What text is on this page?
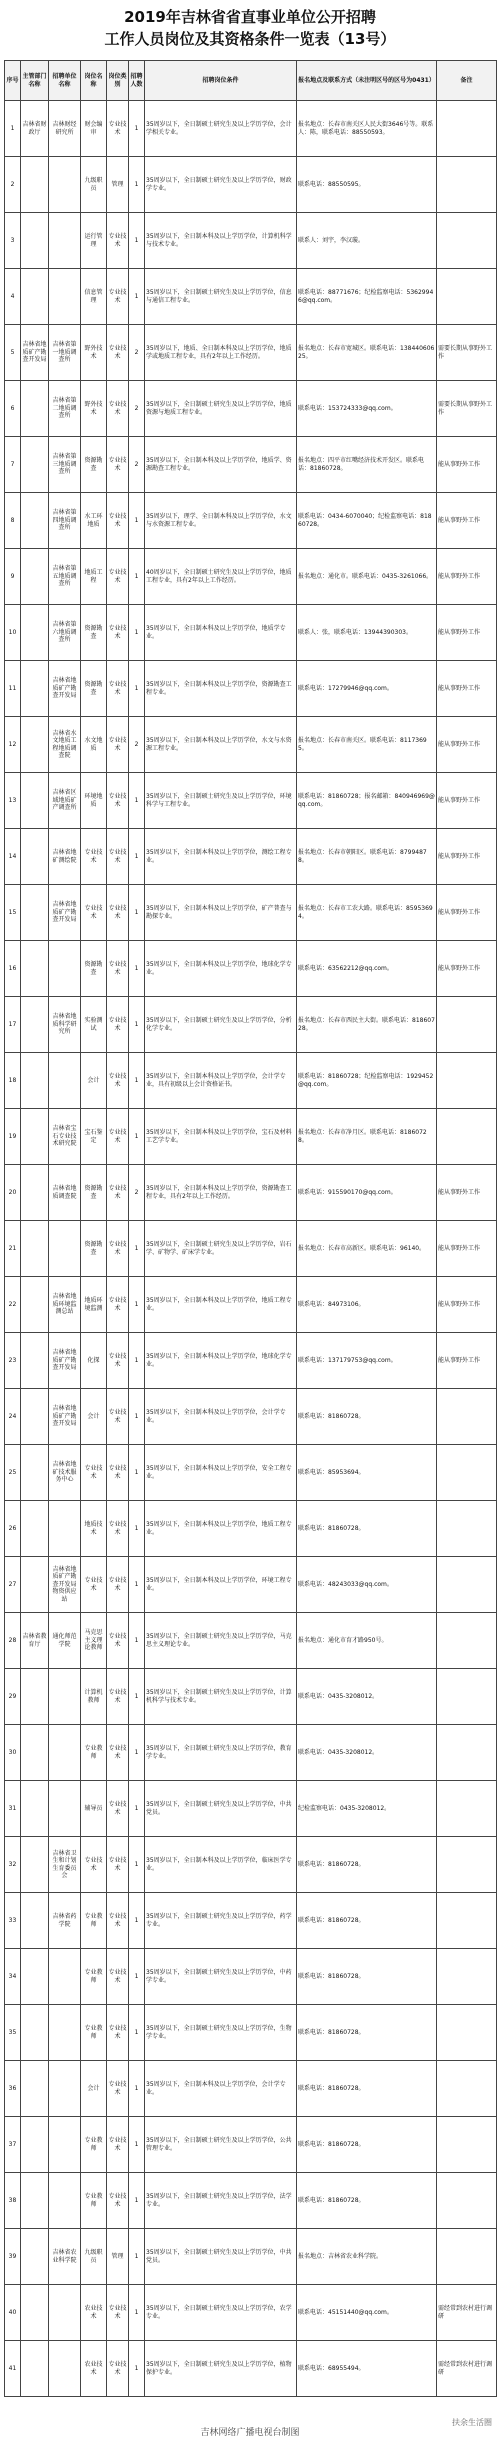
2019年吉林省省直事业单位公开招聘
工作人员岗位及其资格条件一览表（13号）
序号	主管部门名称	招聘单位名称	岗位名称	岗位类别	招聘人数	招聘岗位条件	报名地点及联系方式（未注明区号的区号为0431）	备注
1	吉林省财政厅	吉林财经研究所	财会编审	专业技术	1	35周岁以下，全日制硕士研究生及以上学历学位，会计学相关专业。	报名地点：长春市南关区人民大街3646号等。联系人：陈，联系电话：88550593。	
2			九级职员	管理	1	35周岁以下，全日制硕士研究生及以上学历学位，财政学专业。	联系电话：88550595。	
3			运行管理	专业技术	1	35周岁以下，全日制本科及以上学历学位，计算机科学与技术专业。	联系人：刘宇，李汉璇。	
4			信息管理	专业技术	1	35周岁以下，全日制硕士研究生及以上学历学位，信息与通信工程专业。	联系电话：88771676；纪检监察电话：53629946@qq.com。	
5	吉林省地质矿产勘查开发局	吉林省第一地质调查所	野外技术	专业技术	2	35周岁以下，地质、全日制本科及以上学历学位，地质学或地质工程专业，具有2年以上工作经历。	报名地点：长春市宽城区。联系电话：13844060625。	需要长期从事野外工作
6		吉林省第二地质调查所	野外技术	专业技术	2	35周岁以下，全日制硕士研究生及以上学历学位，地质资源与地质工程专业。	联系电话：153724333@qq.com。	需要长期从事野外工作
7		吉林省第三地质调查所	资源勘查	专业技术	2	35周岁以下，全日制本科及以上学历学位，地质学、资源勘查工程专业。	报名地点：四平市红嘴经济技术开发区。联系电话：81860728。	能从事野外工作
8		吉林省第四地质调查所	水工环地质	专业技术	1	35周岁以下，理学、全日制本科及以上学历学位，水文与水资源工程专业。	联系电话：0434-6070040；纪检监察电话：81860728。	能从事野外工作
9		吉林省第五地质调查所	地质工程	专业技术	1	40周岁以下，全日制硕士研究生及以上学历学位，地质工程专业，具有2年以上工作经历。	报名地点：通化市。联系电话：0435-3261066。	能从事野外工作
10		吉林省第六地质调查所	资源勘查	专业技术	1	35周岁以下，全日制本科及以上学历学位，地质学专业。	联系人：张，联系电话：13944390303。	能从事野外工作
11		吉林省地质矿产勘查开发局	资源勘查	专业技术	1	35周岁以下，全日制本科及以上学历学位，资源勘查工程专业。	联系电话：17279946@qq.com。	能从事野外工作
12		吉林省水文地质工程地质调查院	水文地质	专业技术	2	35周岁以下，全日制本科及以上学历学位，水文与水资源工程专业。	报名地点：长春市南关区。联系电话：81173695。	能从事野外工作
13		吉林省区域地质矿产调查所	环境地质	专业技术	1	35周岁以下，全日制硕士研究生及以上学历学位，环境科学与工程专业。	联系电话：81860728；报名邮箱：840946969@qq.com。	能从事野外工作
14		吉林省地矿测绘院	专业技术	专业技术	1	35周岁以下，全日制本科及以上学历学位，测绘工程专业。	报名地点：长春市朝阳区。联系电话：87994878。	能从事野外工作
15		吉林省地质矿产勘查开发局	专业技术	专业技术	1	35周岁以下，全日制本科及以上学历学位，矿产普查与勘探专业。	报名地点：长春市工农大路。联系电话：85953694。	能从事野外工作
16			资源勘查	专业技术	1	35周岁以下，全日制本科及以上学历学位，地球化学专业。	联系电话：63562212@qq.com。	能从事野外工作
17		吉林省地质科学研究所	实验测试	专业技术	1	35周岁以下，全日制硕士研究生及以上学历学位，分析化学专业。	报名地点：长春市西民主大街。联系电话：81860728。	
18			会计	专业技术	1	35周岁以下，全日制本科及以上学历学位，会计学专业，具有初级以上会计资格证书。	联系电话：81860728；纪检监察电话：1929452@qq.com。	
19		吉林省宝石专业技术研究院	宝石鉴定	专业技术	1	35周岁以下，全日制本科及以上学历学位，宝石及材料工艺学专业。	报名地点：长春市净月区。联系电话：81860728。	
20		吉林省地质调查院	资源勘查	专业技术	2	35周岁以下，全日制本科及以上学历学位，资源勘查工程专业，具有2年以上工作经历。	联系电话：915590170@qq.com。	能从事野外工作
21			资源勘查	专业技术	1	35周岁以下，全日制硕士研究生及以上学历学位，岩石学、矿物学、矿床学专业。	报名地点：长春市高新区。联系电话：96140。	能从事野外工作
22		吉林省地质环境监测总站	地质环境监测	专业技术	1	35周岁以下，全日制本科及以上学历学位，地质工程专业。	联系电话：84973106。	能从事野外工作
23		吉林省地质矿产勘查开发局	化探	专业技术	1	35周岁以下，全日制本科及以上学历学位，地球化学专业。	联系电话：137179753@qq.com。	能从事野外工作
24		吉林省地质矿产勘查开发局	会计	专业技术	1	35周岁以下，全日制本科及以上学历学位，会计学专业。	联系电话：81860728。	
25		吉林省地矿技术服务中心	专业技术	专业技术	1	35周岁以下，全日制本科及以上学历学位，安全工程专业。	联系电话：85953694。	
26			地质技术	专业技术	1	35周岁以下，全日制本科及以上学历学位，地质工程专业。	联系电话：81860728。	
27		吉林省地质矿产勘查开发局物资供应站	专业技术	专业技术	1	35周岁以下，全日制本科及以上学历学位，环境工程专业。	联系电话：48243033@qq.com。	
28	吉林省教育厅	通化师范学院	马克思主义理论教师	专业技术	1	35周岁以下，全日制硕士研究生及以上学历学位，马克思主义理论专业。	报名地点：通化市育才路950号。	
29			计算机教师	专业技术	1	35周岁以下，全日制硕士研究生及以上学历学位，计算机科学与技术专业。	联系电话：0435-3208012。	
30			专业教师	专业技术	1	35周岁以下，全日制硕士研究生及以上学历学位，教育学专业。	联系电话：0435-3208012。	
31			辅导员	专业技术	1	35周岁以下，全日制硕士研究生及以上学历学位，中共党员。	纪检监察电话：0435-3208012。	
32		吉林省卫生和计划生育委员会	专业技术	专业技术	1	35周岁以下，全日制本科及以上学历学位，临床医学专业。	联系电话：81860728。	
33		吉林省药学院	专业教师	专业技术	1	35周岁以下，全日制硕士研究生及以上学历学位，药学专业。	联系电话：81860728。	
34			专业教师	专业技术	1	35周岁以下，全日制硕士研究生及以上学历学位，中药学专业。	联系电话：81860728。	
35			专业教师	专业技术	1	35周岁以下，全日制硕士研究生及以上学历学位，生物学专业。	联系电话：81860728。	
36			会计	专业技术	1	35周岁以下，全日制本科及以上学历学位，会计学专业。	联系电话：81860728。	
37			专业教师	专业技术	1	35周岁以下，全日制硕士研究生及以上学历学位，公共管理专业。	联系电话：81860728。	
38			专业教师	专业技术	1	35周岁以下，全日制硕士研究生及以上学历学位，法学专业。	联系电话：81860728。	
39		吉林省农业科学院	九级职员	管理	1	35周岁以下，全日制硕士研究生及以上学历学位，中共党员。	报名地点：吉林省农业科学院。	
40			农业技术	专业技术	1	35周岁以下，全日制硕士研究生及以上学历学位，农学专业。	联系电话：45151440@qq.com。	需经常到农村进行调研
41			农业技术	专业技术	1	35周岁以下，全日制硕士研究生及以上学历学位，植物保护专业。	联系电话：68955494。	需经常到农村进行调研
吉林网络广播电视台制图
扶余生活圈
